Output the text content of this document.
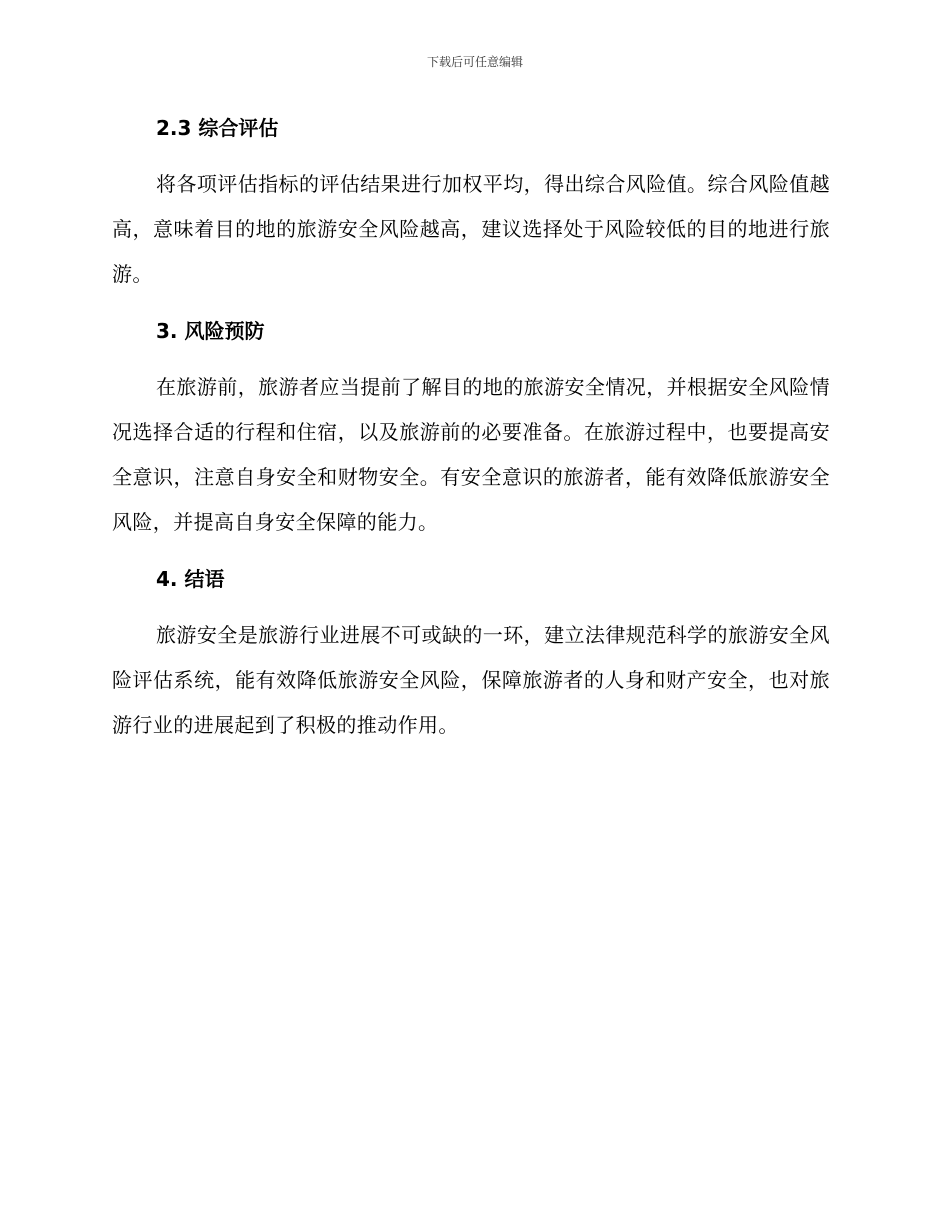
下载后可任意编辑
2.3 综合评估

将各项评估指标的评估结果进行加权平均，得出综合风险值。综合风险值越高，意味着目的地的旅游安全风险越高，建议选择处于风险较低的目的地进行旅游。

3. 风险预防

在旅游前，旅游者应当提前了解目的地的旅游安全情况，并根据安全风险情况选择合适的行程和住宿，以及旅游前的必要准备。在旅游过程中，也要提高安全意识，注意自身安全和财物安全。有安全意识的旅游者，能有效降低旅游安全风险，并提高自身安全保障的能力。

4. 结语

旅游安全是旅游行业进展不可或缺的一环，建立法律规范科学的旅游安全风险评估系统，能有效降低旅游安全风险，保障旅游者的人身和财产安全，也对旅游行业的进展起到了积极的推动作用。
